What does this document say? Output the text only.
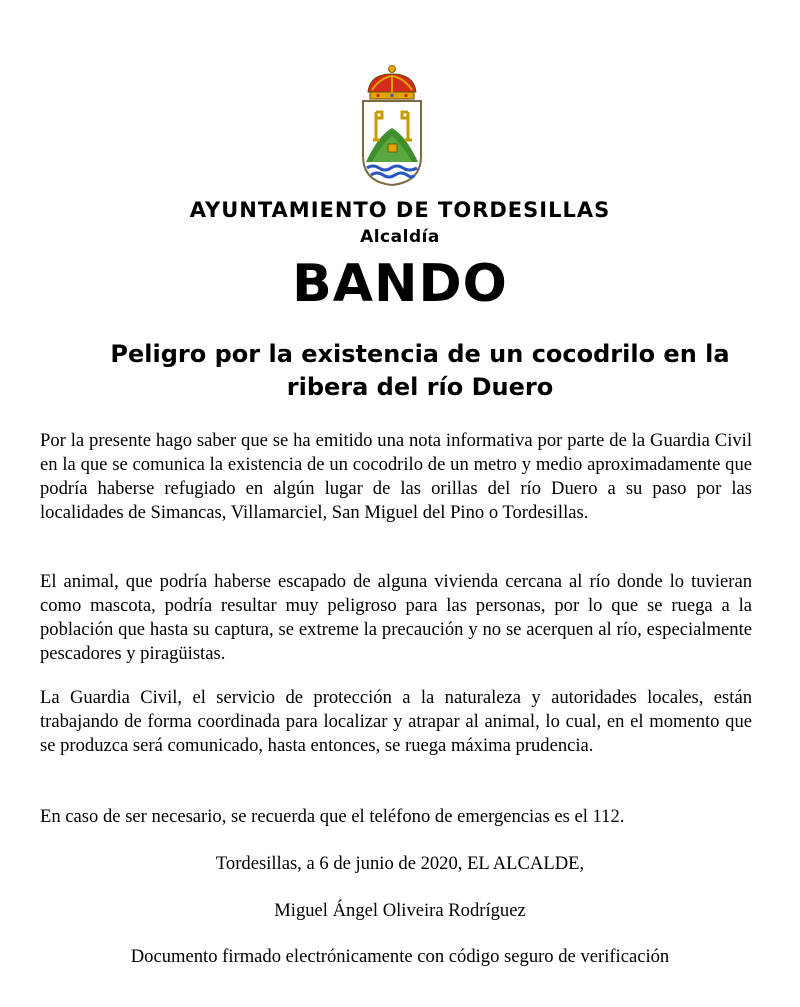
AYUNTAMIENTO DE TORDESILLAS
Alcaldía
BANDO
Peligro por la existencia de un cocodrilo en la
ribera del río Duero

Por la presente hago saber que se ha emitido una nota informativa por parte de la Guardia Civil en la que se comunica la existencia de un cocodrilo de un metro y medio aproximadamente que podría haberse refugiado en algún lugar de las orillas del río Duero a su paso por las localidades de Simancas, Villamarciel, San Miguel del Pino o Tordesillas.

El animal, que podría haberse escapado de alguna vivienda cercana al río donde lo tuvieran como mascota, podría resultar muy peligroso para las personas, por lo que se ruega a la población que hasta su captura, se extreme la precaución y no se acerquen al río, especialmente pescadores y piragüistas.

La Guardia Civil, el servicio de protección a la naturaleza y autoridades locales, están trabajando de forma coordinada para localizar y atrapar al animal, lo cual, en el momento que se produzca será comunicado, hasta entonces, se ruega máxima prudencia.

En caso de ser necesario, se recuerda que el teléfono de emergencias es el 112.

Tordesillas, a 6 de junio de 2020, EL ALCALDE,
Miguel Ángel Oliveira Rodríguez
Documento firmado electrónicamente con código seguro de verificación
